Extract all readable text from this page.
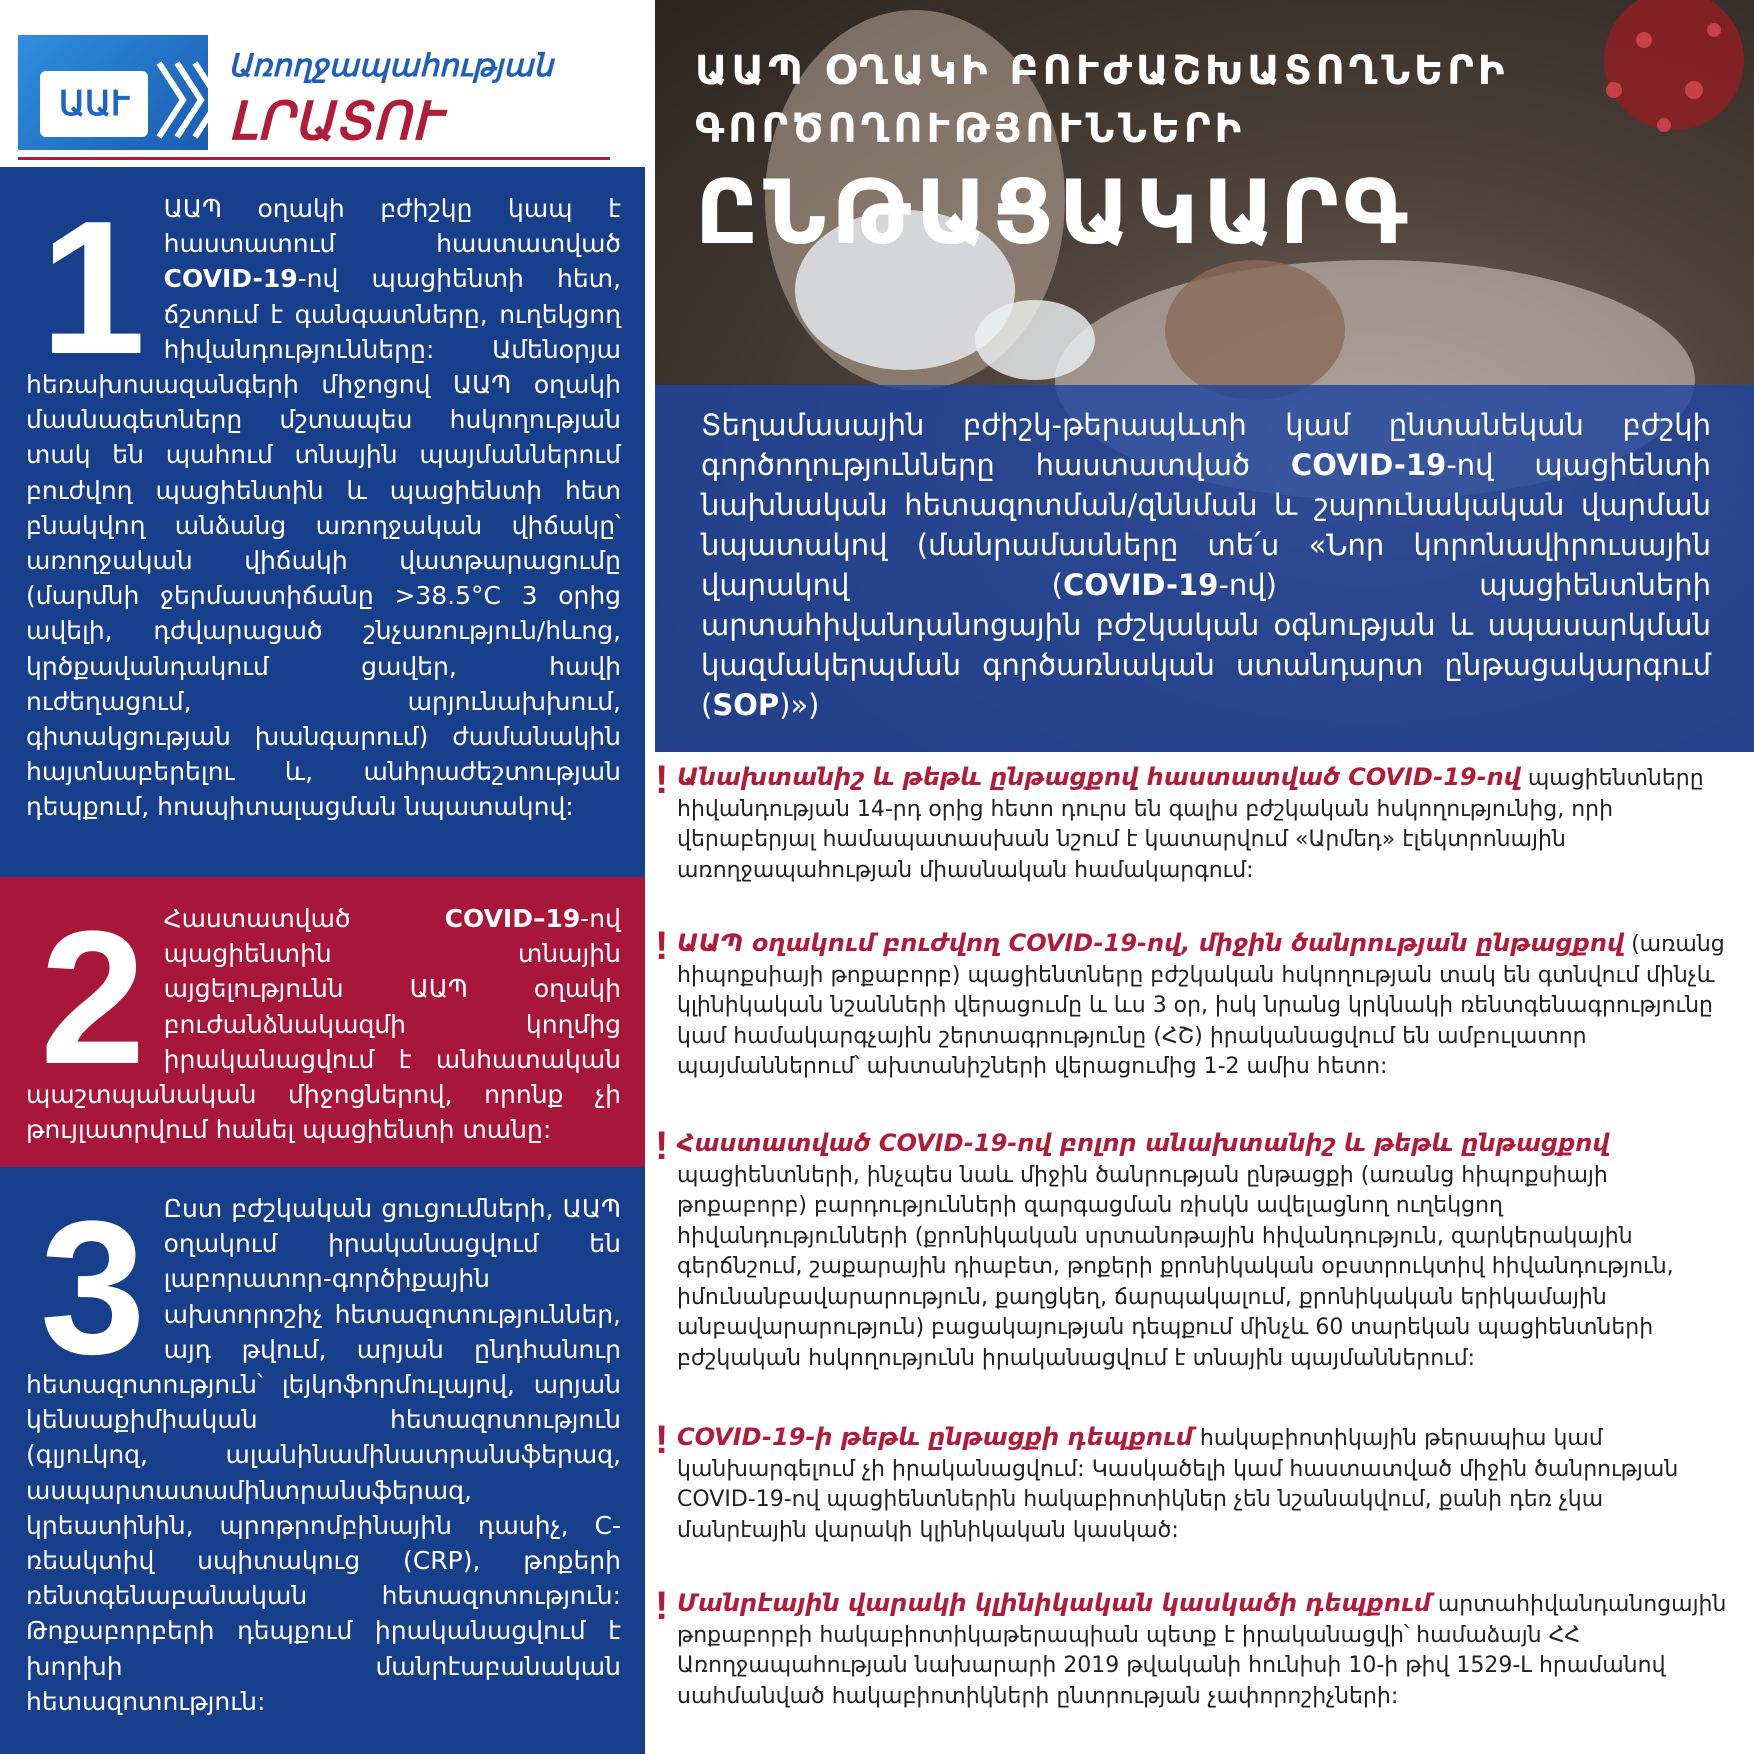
ԱԱՒ
Առողջապահության
ԼՐԱՏՈՒ
1 ԱԱՊ օղակի բժիշկը կապ է հաստատում հաստատված COVID-19-ով պացիենտի հետ, ճշտում է գանգատները, ուղեկցող հիվանդությունները: Ամենօրյա հեռախոսազանգերի միջոցով ԱԱՊ օղակի մասնագետները մշտապես հսկողության տակ են պահում տնային պայմաններում բուժվող պացիենտին և պացիենտի հետ բնակվող անձանց առողջական վիճակը՝ առողջական վիճակի վատթարացումը (մարմնի ջերմաստիճանը >38.5°C 3 օրից ավելի, դժվարացած շնչառություն/հևոց, կրծքավանդակում ցավեր, հավի ուժեղացում, արյունախխում, գիտակցության խանգարում) ժամանակին հայտնաբերելու և, անհրաժեշտության դեպքում, հոսպիտալացման նպատակով:
2 Հաստատված COVID–19-ով պացիենտին տնային այցելությունն ԱԱՊ օղակի բուժանձնակազմի կողմից իրականացվում է անհատական պաշտպանական միջոցներով, որոնք չի թույլատրվում հանել պացիենտի տանը:
3 Ըստ բժշկական ցուցումների, ԱԱՊ օղակում իրականացվում են լաբորատոր-գործիքային ախտորոշիչ հետազոտություններ, այդ թվում, արյան ընդհանուր հետազոտություն՝ լեյկոֆորմուլայով, արյան կենսաքիմիական հետազոտություն (գլյուկոզ, ալանինամինատրանսֆերազ, ասպարտատամինտրանսֆերազ, կրեատինին, պրոթրոմբինային դասիչ, C-ռեակտիվ սպիտակուց (CRP), թոքերի ռենտգենաբանական հետազոտություն: Թոքաբորբերի դեպքում իրականացվում է խորխի մանրէաբանական հետազոտություն:
ԱԱՊ ՕՂԱԿԻ ԲՈՒԺԱՇԽԱՏՈՂՆԵՐԻ
ԳՈՐԾՈՂՈՒԹՅՈՒՆՆԵՐԻ
ԸՆԹԱՑԱԿԱՐԳ
Տեղամասային բժիշկ-թերապևտի կամ ընտանեկան բժշկի գործողությունները հաստատված COVID-19-ով պացիենտի նախնական հետազոտման/զննման և շարունակական վարման նպատակով (մանրամասները տե՛ս «Նոր կորոնավիրուսային վարակով (COVID-19-ով) պացիենտների արտահիվանդանոցային բժշկական օգնության և սպասարկման կազմակերպման գործառնական ստանդարտ ընթացակարգում (SOP)»)
! Անախտանիշ և թեթև ընթացքով հաստատված COVID-19-ով պացիենտները հիվանդության 14-րդ օրից հետո դուրս են գալիս բժշկական հսկողությունից, որի վերաբերյալ համապատասխան նշում է կատարվում «Արմեդ» էլեկտրոնային առողջապահության միասնական համակարգում:
! ԱԱՊ օղակում բուժվող COVID-19-ով, միջին ծանրության ընթացքով (առանց հիպոքսիայի թոքաբորբ) պացիենտները բժշկական հսկողության տակ են գտնվում մինչև կլինիկական նշանների վերացումը և ևս 3 օր, իսկ նրանց կրկնակի ռենտգենագրությունը կամ համակարգչային շերտագրությունը (ՀՇ) իրականացվում են ամբուլատոր պայմաններում՝ ախտանիշների վերացումից 1-2 ամիս հետո:
! Հաստատված COVID-19-ով բոլոր անախտանիշ և թեթև ընթացքով պացիենտների, ինչպես նաև միջին ծանրության ընթացքի (առանց հիպոքսիայի թոքաբորբ) բարդությունների զարգացման ռիսկն ավելացնող ուղեկցող հիվանդությունների (քրոնիկական սրտանոթային հիվանդություն, զարկերակային գերճնշում, շաքարային դիաբետ, թոքերի քրոնիկական օբստրուկտիվ հիվանդություն, իմունանբավարարություն, քաղցկեղ, ճարպակալում, քրոնիկական երիկամային անբավարարություն) բացակայության դեպքում մինչև 60 տարեկան պացիենտների բժշկական հսկողությունն իրականացվում է տնային պայմաններում:
! COVID-19-ի թեթև ընթացքի դեպքում հակաբիոտիկային թերապիա կամ կանխարգելում չի իրականացվում: Կասկածելի կամ հաստատված միջին ծանրության COVID-19-ով պացիենտներին հակաբիոտիկներ չեն նշանակվում, քանի դեռ չկա մանրէային վարակի կլինիկական կասկած:
! Մանրէային վարակի կլինիկական կասկածի դեպքում արտահիվանդանոցային թոքաբորբի հակաբիոտիկաթերապիան պետք է իրականացվի՝ համաձայն ՀՀ Առողջապահության նախարարի 2019 թվականի հունիսի 10-ի թիվ 1529-Լ հրամանով սահմանված հակաբիոտիկների ընտրության չափորոշիչների:
